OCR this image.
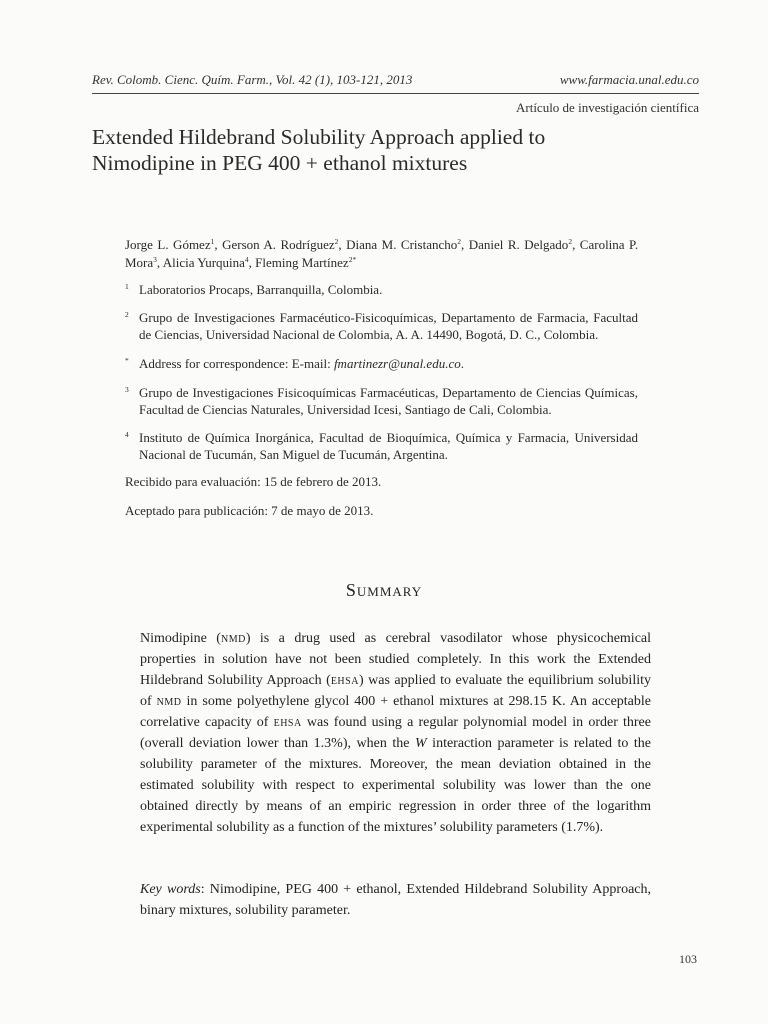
Rev. Colomb. Cienc. Quím. Farm., Vol. 42 (1), 103-121, 2013	www.farmacia.unal.edu.co
Artículo de investigación científica
Extended Hildebrand Solubility Approach applied to Nimodipine in PEG 400 + ethanol mixtures
Jorge L. Gómez$^1$, Gerson A. Rodríguez$^2$, Diana M. Cristancho$^2$, Daniel R. Delgado$^2$, Carolina P. Mora$^3$, Alicia Yurquina$^4$, Fleming Martínez$^{2*}$
1 Laboratorios Procaps, Barranquilla, Colombia.
2 Grupo de Investigaciones Farmacéutico-Fisicoquímicas, Departamento de Farmacia, Facultad de Ciencias, Universidad Nacional de Colombia, A. A. 14490, Bogotá, D. C., Colombia.
* Address for correspondence: E-mail: fmartinezr@unal.edu.co.
3 Grupo de Investigaciones Fisicoquímicas Farmacéuticas, Departamento de Ciencias Químicas, Facultad de Ciencias Naturales, Universidad Icesi, Santiago de Cali, Colombia.
4 Instituto de Química Inorgánica, Facultad de Bioquímica, Química y Farmacia, Universidad Nacional de Tucumán, San Miguel de Tucumán, Argentina.
Recibido para evaluación: 15 de febrero de 2013.
Aceptado para publicación: 7 de mayo de 2013.
Summary
Nimodipine (nmd) is a drug used as cerebral vasodilator whose physicochemical properties in solution have not been studied completely. In this work the Extended Hildebrand Solubility Approach (ehsa) was applied to evaluate the equilibrium solubility of nmd in some polyethylene glycol 400 + ethanol mixtures at 298.15 K. An acceptable correlative capacity of ehsa was found using a regular polynomial model in order three (overall deviation lower than 1.3%), when the W interaction parameter is related to the solubility parameter of the mixtures. Moreover, the mean deviation obtained in the estimated solubility with respect to experimental solubility was lower than the one obtained directly by means of an empiric regression in order three of the logarithm experimental solubility as a function of the mixtures’ solubility parameters (1.7%).
Key words: Nimodipine, PEG 400 + ethanol, Extended Hildebrand Solubility Approach, binary mixtures, solubility parameter.
103
